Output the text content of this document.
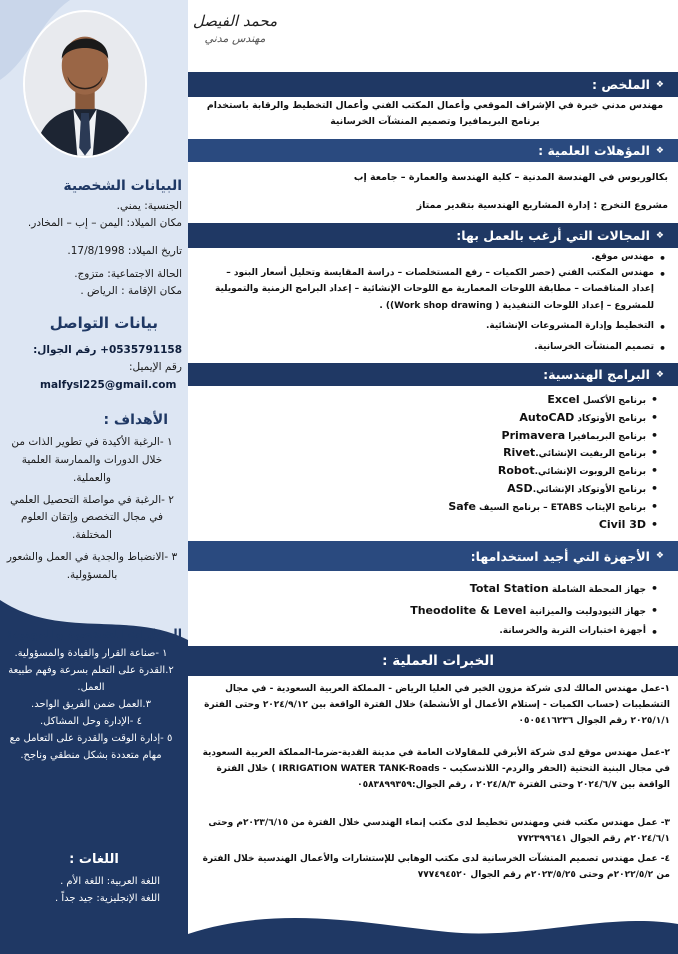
البيانات الشخصية
الجنسية: يمني.
مكان الميلاد: اليمن – إب – المخادر.
تاريخ الميلاد: 17/8/1998.
الحالة الاجتماعية: متزوج.
مكان الإقامة : الرياض .
بيانات التواصل
0535791158+ رقم الجوال:
رقم الإيميل:
malfysl225@gmail.com
الأهداف :
١ -الرغبة الأكيدة في تطوير الذات من خلال الدورات والممارسة العلمية والعملية.
٢ -الرغبة في مواصلة التحصيل العلمي في مجال التخصص وإتقان العلوم المختلفة.
٣ -الانضباط والجدية في العمل والشعور بالمسؤولية.
المهارات الشخصية والمهنية:
١ -صناعة القرار والقيادة والمسؤولية.
٢.القدرة على التعلم بسرعة وفهم طبيعة العمل.
٣.العمل ضمن الفريق الواحد.
٤ -الإدارة وحل المشاكل.
٥ -إدارة الوقت والقدرة على التعامل مع مهام متعددة بشكل منطقي وناجح.
اللغات :
اللغة العربية: اللغة الأم .
اللغة الإنجليزية: جيد جداً .
محمد الفيصل
مهندس مدني
❖
الملخص :
مهندس مدني خبرة في الإشراف الموقعي وأعمال المكتب الفني وأعمال التخطيط والرقابة باستخدام برنامج البريمافيرا وتصميم المنشآت الخرسانية
❖
المؤهلات العلمية :
بكالوريوس في الهندسة المدنية – كلية الهندسة والعمارة – جامعة إب
مشروع التخرج : إدارة المشاريع الهندسية بتقدير ممتاز
❖
المجالات التي أرغب بالعمل بها:
• مهندس موقع.
• مهندس المكتب الفني (حصر الكميات – رفع المستخلصات – دراسة المقايسة وتحليل أسعار البنود – إعداد المناقصات – مطابقة اللوحات المعمارية مع اللوحات الإنشائية – إعداد البرامج الزمنية والتمويلية للمشروع – إعداد اللوحات التنفيذية ( Work shop drawing)) .
• التخطيط وإدارة المشروعات الإنشائية.
• تصميم المنشآت الخرسانية.
❖
البرامج الهندسية:
• برنامج الأكسل Excel
• برنامج الأوتوكاد AutoCAD
• برنامج البريمافيرا Primavera
• برنامج الريفيت الإنشائي.Rivet
• برنامج الروبوت الإنشائي.Robot
• برنامج الأوتوكاد الإنشائي.ASD
• برنامج الإيتاب ETABS – برنامج السيف Safe
• Civil 3D
❖
الأجهزة التي أجيد استخدامها:
• جهاز المحطة الشاملة Total Station
• جهاز الثيودوليت والميزانية Theodolite & Level
• أجهزة اختبارات التربة والخرسانة.
الخبرات العملية :
١-عمل مهندس المالك لدى شركة مزون الخير في العليا الرياض - المملكة العربية السعودية - في مجال التشطيبات (حساب الكميات - إستلام الأعمال أو الأنشطة) خلال الفترة الواقعة بين ٢٠٢٤/٩/١٢ وحتى الفترة ٢٠٢٥/١/١ رقم الجوال ٠٥٠٥٤١٦٢٣٦
٢-عمل مهندس موقع لدى شركة الأبرقي للمقاولات العامة في مدينة القدية-ضرما-المملكة العربية السعودية في مجال البنية التحتية (الحفر والردم- اللاندسكيب - IRRIGATION WATER TANK-Roads ) خلال الفترة الواقعة بين ٢٠٢٤/٦/٧ وحتى الفترة ٢٠٢٤/٨/٣ ، رقم الجوال:٠٥٨٣٨٩٩٣٥٩
٣- عمل مهندس مكتب فني ومهندس تخطيط لدى مكتب إنماء الهندسي خلال الفترة من ٢٠٢٣/٦/١٥م وحتى ٢٠٢٤/٦/١م رقم الجوال ٧٧٢٣٩٩٦٤١
٤- عمل مهندس تصميم المنشآت الخرسانية لدى مكتب الوهابي للإستشارات والأعمال الهندسية خلال الفترة من ٢٠٢٢/٥/٢م وحتى ٢٠٢٣/٥/٢٥م رقم الجوال ٧٧٧٤٩٤٥٢٠
